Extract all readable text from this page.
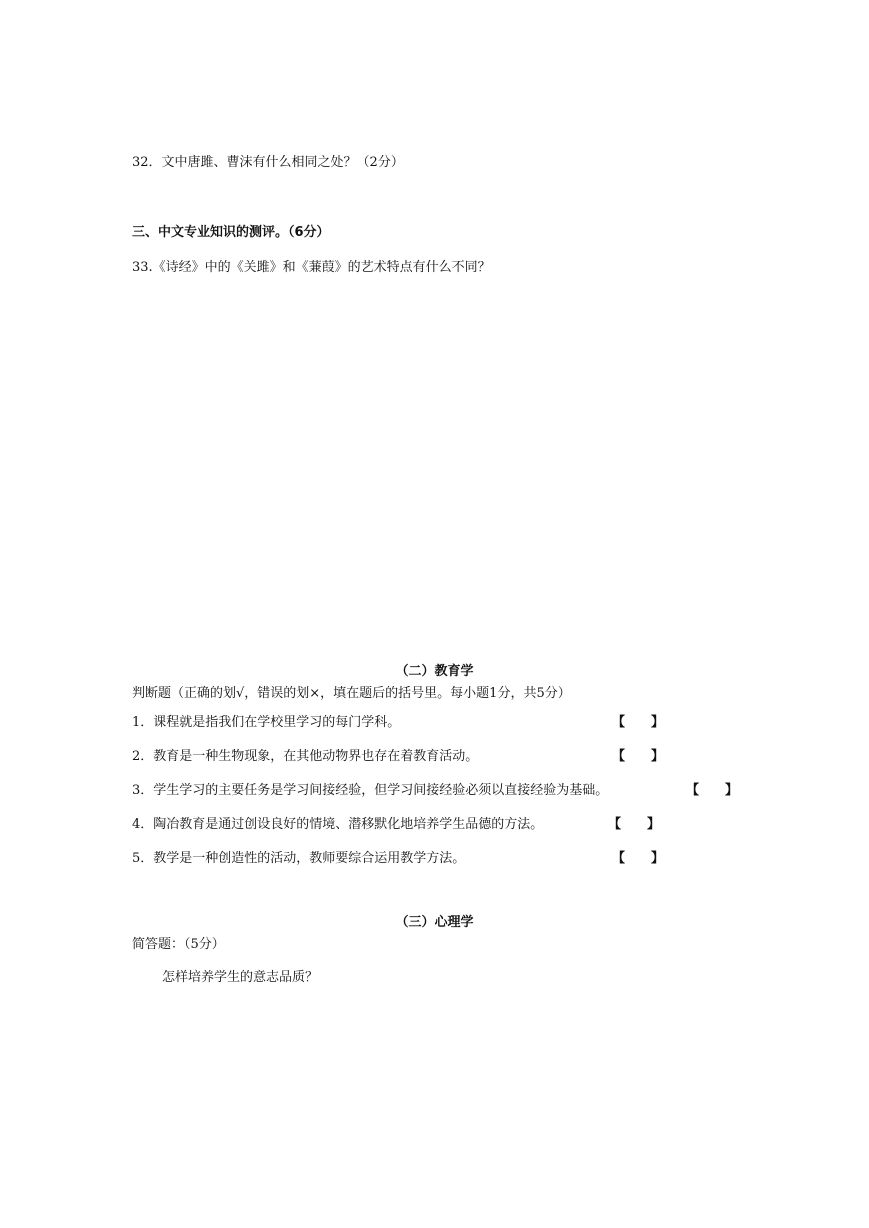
32．文中唐雎、曹沫有什么相同之处？（2分）
三、中文专业知识的测评。（6分）
33.《诗经》中的《关雎》和《蒹葭》的艺术特点有什么不同？
（二）教育学
判断题（正确的划√，错误的划×，填在题后的括号里。每小题1分，共5分）
1．课程就是指我们在学校里学习的每门学科。	【　　】
2．教育是一种生物现象，在其他动物界也存在着教育活动。	【　　】
3．学生学习的主要任务是学习间接经验，但学习间接经验必须以直接经验为基础。	【　　】
4．陶冶教育是通过创设良好的情境、潜移默化地培养学生品德的方法。	【　　】
5．教学是一种创造性的活动，教师要综合运用教学方法。	【　　】
（三）心理学
简答题：（5分）
怎样培养学生的意志品质？
